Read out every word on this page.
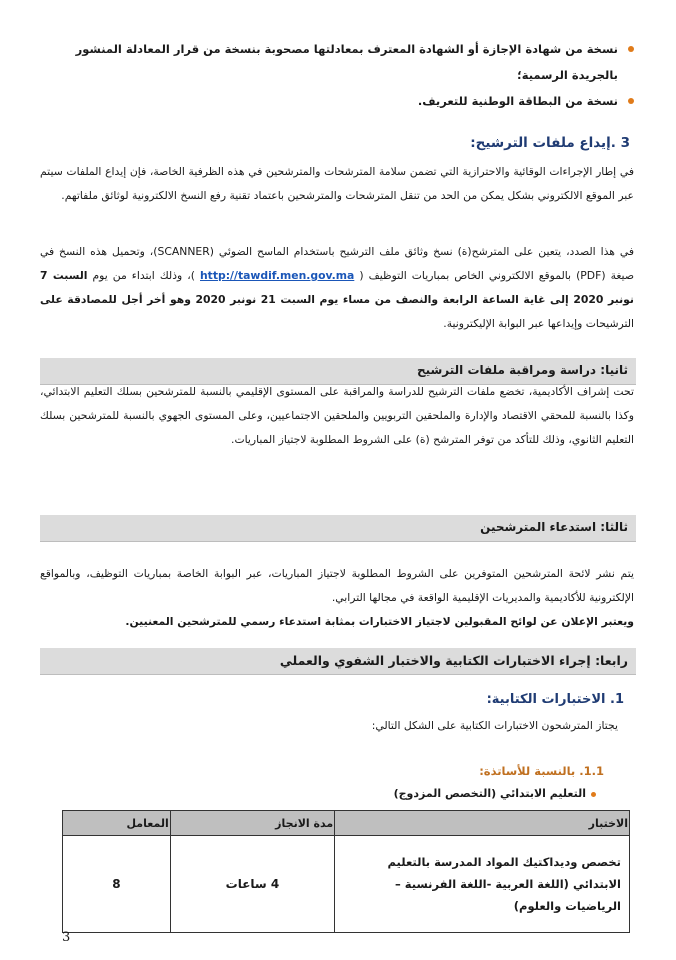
نسخة من شهادة الإجازة أو الشهادة المعترف بمعادلتها مصحوبة بنسخة من قرار المعادلة المنشور بالجريدة الرسمية؛
نسخة من البطاقة الوطنية للتعريف.
3 .إيداع ملفات الترشيح:
في إطار الإجراءات الوقائية والاحترازية التي تضمن سلامة المترشحات والمترشحين في هذه الظرفية الخاصة، فإن إيداع الملفات سيتم عبر الموقع الالكتروني بشكل يمكن من الحد من تنقل المترشحات والمترشحين باعتماد تقنية رفع النسخ الالكترونية لوثائق ملفاتهم.
في هذا الصدد، يتعين على المترشح(ة) نسخ وثائق ملف الترشيح باستخدام الماسح الضوئي (SCANNER)، وتحميل هذه النسخ في صيغة (PDF) بالموقع الالكتروني الخاص بمباريات التوظيف ( http://tawdif.men.gov.ma )، وذلك ابتداء من يوم السبت 7 نونبر 2020 إلى غاية الساعة الرابعة والنصف من مساء يوم السبت 21 نونبر 2020 وهو أخر أجل للمصادقة على الترشيحات وإيداعها عبر البوابة الإليكترونية.
ثانيا: دراسة ومراقبة ملفات الترشيح
تحت إشراف الأكاديمية، تخضع ملفات الترشيح للدراسة والمراقبة على المستوى الإقليمي بالنسبة للمترشحين بسلك التعليم الابتدائي، وكذا بالنسبة للمحقي الاقتصاد والإدارة والملحقين التربويين والملحقين الاجتماعيين، وعلى المستوى الجهوي بالنسبة للمترشحين بسلك التعليم الثانوي، وذلك للتأكد من توفر المترشح (ة) على الشروط المطلوبة لاجتياز المباريات.
ثالثا: استدعاء المترشحين
يتم نشر لائحة المترشحين المتوفرين على الشروط المطلوبة لاجتياز المباريات، عبر البوابة الخاصة بمباريات التوظيف، وبالمواقع الإلكترونية للأكاديمية والمديريات الإقليمية الواقعة في مجالها الترابي.
ويعتبر الإعلان عن لوائح المقبولين لاجتياز الاختبارات بمثابة استدعاء رسمي للمترشحين المعنيين.
رابعا: إجراء الاختبارات الكتابية والاختبار الشفوي والعملي
1. الاختبارات الكتابية:
يجتاز المترشحون الاختبارات الكتابية على الشكل التالي:
1.1. بالنسبة للأساتذة:
التعليم الابتدائي (التخصص المزدوج)
الاختبار	مدة الانجاز	المعامل
تخصص وديداكتيك المواد المدرسة بالتعليم الابتدائي (اللغة العربية -اللغة الفرنسية – الرياضيات والعلوم)	4 ساعات	8
3
